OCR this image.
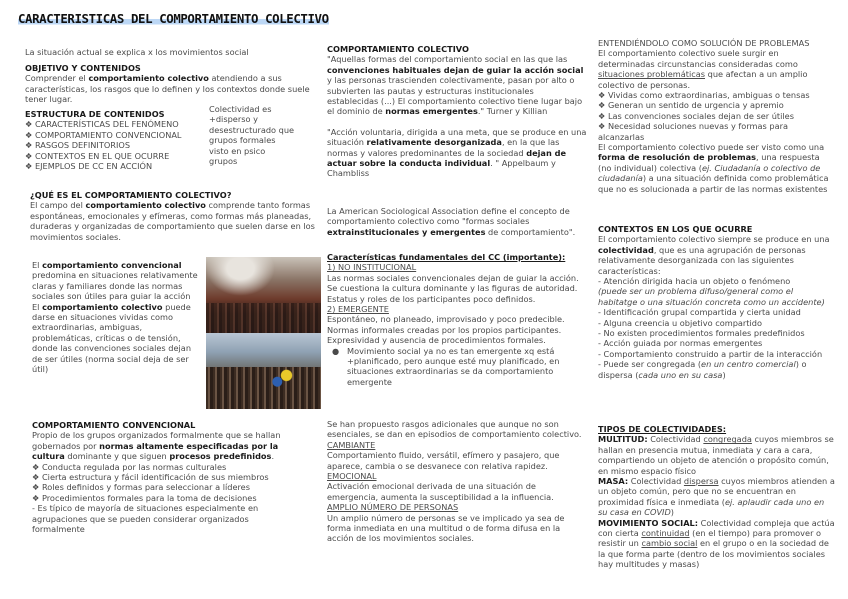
CARACTERISTICAS DEL COMPORTAMIENTO COLECTIVO
La situación actual se explica x los movimientos social

OBJETIVO Y CONTENIDOS

Comprender el comportamiento colectivo atendiendo a sus características, los rasgos que lo definen y los contextos donde suele tener lugar.

ESTRUCTURA DE CONTENIDOS

❖ CARACTERÍSTICAS DEL FENÓMENO

❖ COMPORTAMIENTO CONVENCIONAL

❖ RASGOS DEFINITORIOS

❖ CONTEXTOS EN EL QUE OCURRE

❖ EJEMPLOS DE CC EN ACCIÓN

Colectividad es +disperso y desestructurado que grupos formales visto en psico grupos

¿QUÉ ES EL COMPORTAMIENTO COLECTIVO?

El campo del comportamiento colectivo comprende tanto formas espontáneas, emocionales y efímeras, como formas más planeadas, duraderas y organizadas de comportamiento que suelen darse en los movimientos sociales.

El comportamiento convencional predomina en situaciones relativamente claras y familiares donde las normas sociales son útiles para guiar la acción

El comportamiento colectivo puede darse en situaciones vividas como extraordinarias, ambiguas, problemáticas, críticas o de tensión, donde las convenciones sociales dejan de ser útiles (norma social deja de ser útil)

COMPORTAMIENTO CONVENCIONAL

Propio de los grupos organizados formalmente que se hallan gobernados por normas altamente especificadas por la cultura dominante y que siguen procesos predefinidos.

❖ Conducta regulada por las normas culturales

❖ Cierta estructura y fácil identificación de sus miembros

❖ Roles definidos y formas para seleccionar a líderes

❖ Procedimientos formales para la toma de decisiones

- Es típico de mayoría de situaciones especialmente en agrupaciones que se pueden considerar organizados formalmente

COMPORTAMIENTO COLECTIVO

"Aquellas formas del comportamiento social en las que las convenciones habituales dejan de guiar la acción social y las personas trascienden colectivamente, pasan por alto o subvierten las pautas y estructuras institucionales establecidas (...) El comportamiento colectivo tiene lugar bajo el dominio de normas emergentes." Turner y Killian

"Acción voluntaria, dirigida a una meta, que se produce en una situación relativamente desorganizada, en la que las normas y valores predominantes de la sociedad dejan de actuar sobre la conducta individual. " Appelbaum y Chambliss

La American Sociological Association define el concepto de comportamiento colectivo como "formas sociales extrainstitucionales y emergentes de comportamiento".

Características fundamentales del CC (importante):

1) NO INSTITUCIONAL

Las normas sociales convencionales dejan de guiar la acción. Se cuestiona la cultura dominante y las figuras de autoridad. Estatus y roles de los participantes poco definidos.

2) EMERGENTE

Espontáneo, no planeado, improvisado y poco predecible. Normas informales creadas por los propios participantes. Expresividad y ausencia de procedimientos formales.

● Movimiento social ya no es tan emergente xq está +planificado, pero aunque esté muy planificado, en situaciones extraordinarias se da comportamiento emergente

Se han propuesto rasgos adicionales que aunque no son esenciales, se dan en episodios de comportamiento colectivo.

CAMBIANTE

Comportamiento fluido, versátil, efímero y pasajero, que aparece, cambia o se desvanece con relativa rapidez.

EMOCIONAL

Activación emocional derivada de una situación de emergencia, aumenta la susceptibilidad a la influencia.

AMPLIO NÚMERO DE PERSONAS

Un amplio número de personas se ve implicado ya sea de forma inmediata en una multitud o de forma difusa en la acción de los movimientos sociales.

ENTENDIÉNDOLO COMO SOLUCIÓN DE PROBLEMAS

El comportamiento colectivo suele surgir en determinadas circunstancias consideradas como situaciones problemáticas que afectan a un amplio colectivo de personas.

❖ Vividas como extraordinarias, ambiguas o tensas

❖ Generan un sentido de urgencia y apremio

❖ Las convenciones sociales dejan de ser útiles

❖ Necesidad soluciones nuevas y formas para alcanzarlas

El comportamiento colectivo puede ser visto como una forma de resolución de problemas, una respuesta (no individual) colectiva (ej. Ciudadanía o colectivo de ciudadanía) a una situación definida como problemática que no es solucionada a partir de las normas existentes

CONTEXTOS EN LOS QUE OCURRE

El comportamiento colectivo siempre se produce en una colectividad, que es una agrupación de personas relativamente desorganizada con las siguientes características:

- Atención dirigida hacia un objeto o fenómeno

(puede ser un problema difuso/general como el habitatge o una situación concreta como un accidente)

- Identificación grupal compartida y cierta unidad

- Alguna creencia u objetivo compartido

- No existen procedimientos formales predefinidos

- Acción guiada por normas emergentes

- Comportamiento construido a partir de la interacción

- Puede ser congregada (en un centro comercial) o dispersa (cada uno en su casa)

TIPOS DE COLECTIVIDADES:

MULTITUD: Colectividad congregada cuyos miembros se hallan en presencia mutua, inmediata y cara a cara, compartiendo un objeto de atención o propósito común, en mismo espacio físico

MASA: Colectividad dispersa cuyos miembros atienden a un objeto común, pero que no se encuentran en proximidad física e inmediata (ej. aplaudir cada uno en su casa en COVID)

MOVIMIENTO SOCIAL: Colectividad compleja que actúa con cierta continuidad (en el tiempo) para promover o resistir un cambio social en el grupo o en la sociedad de la que forma parte (dentro de los movimientos sociales hay multitudes y masas)
